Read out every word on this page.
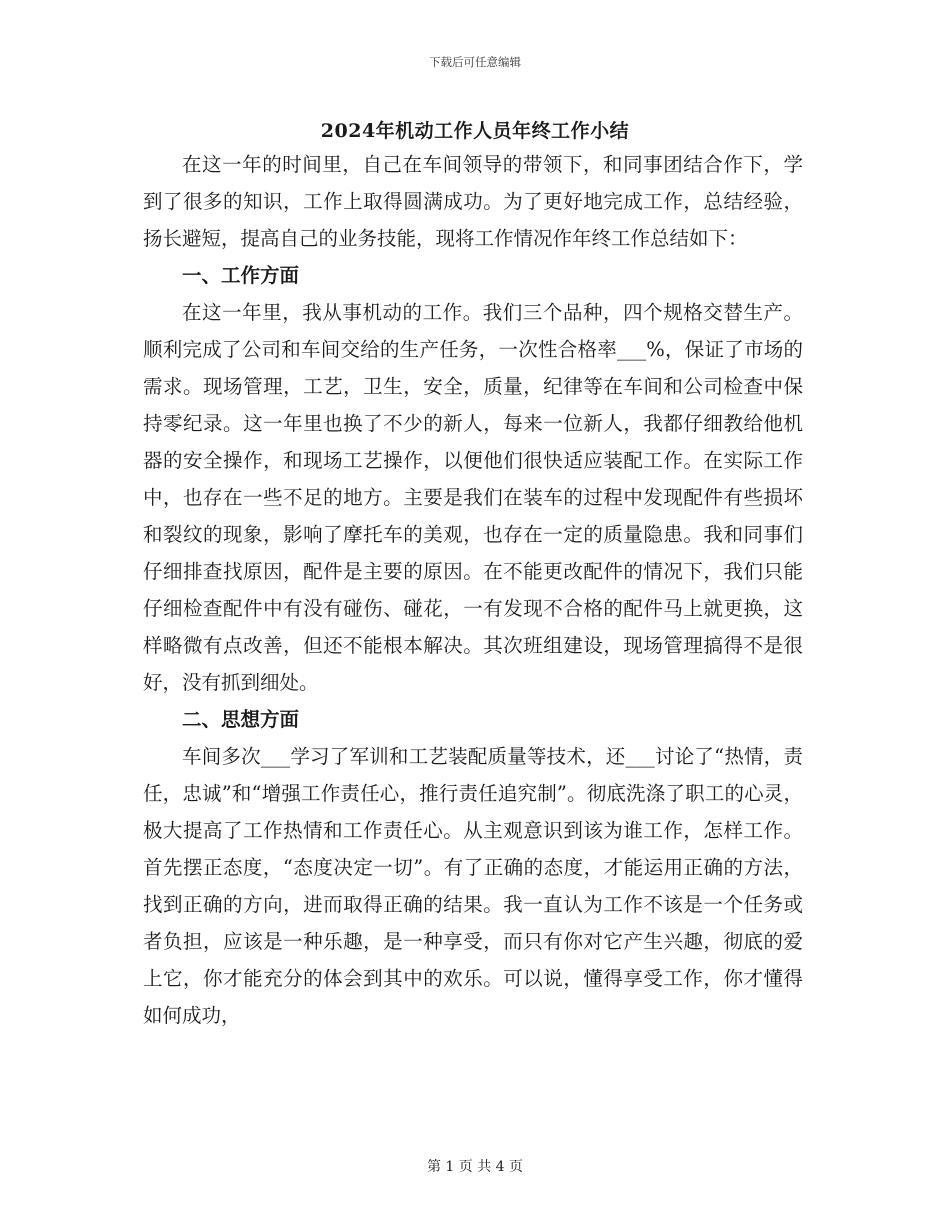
下载后可任意编辑
2024年机动工作人员年终工作小结

在这一年的时间里，自己在车间领导的带领下，和同事团结合作下，学到了很多的知识，工作上取得圆满成功。为了更好地完成工作，总结经验，扬长避短，提高自己的业务技能，现将工作情况作年终工作总结如下：

一、工作方面

在这一年里，我从事机动的工作。我们三个品种，四个规格交替生产。顺利完成了公司和车间交给的生产任务，一次性合格率___%，保证了市场的需求。现场管理，工艺，卫生，安全，质量，纪律等在车间和公司检查中保持零纪录。这一年里也换了不少的新人，每来一位新人，我都仔细教给他机器的安全操作，和现场工艺操作，以便他们很快适应装配工作。在实际工作中，也存在一些不足的地方。主要是我们在装车的过程中发现配件有些损坏和裂纹的现象，影响了摩托车的美观，也存在一定的质量隐患。我和同事们仔细排查找原因，配件是主要的原因。在不能更改配件的情况下，我们只能仔细检查配件中有没有碰伤、碰花，一有发现不合格的配件马上就更换，这样略微有点改善，但还不能根本解决。其次班组建设，现场管理搞得不是很好，没有抓到细处。

二、思想方面

车间多次___学习了军训和工艺装配质量等技术，还___讨论了“热情，责任，忠诚”和“增强工作责任心，推行责任追究制”。彻底洗涤了职工的心灵，极大提高了工作热情和工作责任心。从主观意识到该为谁工作，怎样工作。首先摆正态度，“态度决定一切”。有了正确的态度，才能运用正确的方法，找到正确的方向，进而取得正确的结果。我一直认为工作不该是一个任务或者负担，应该是一种乐趣，是一种享受，而只有你对它产生兴趣，彻底的爱上它，你才能充分的体会到其中的欢乐。可以说，懂得享受工作，你才懂得如何成功，

第 1 页 共 4 页
